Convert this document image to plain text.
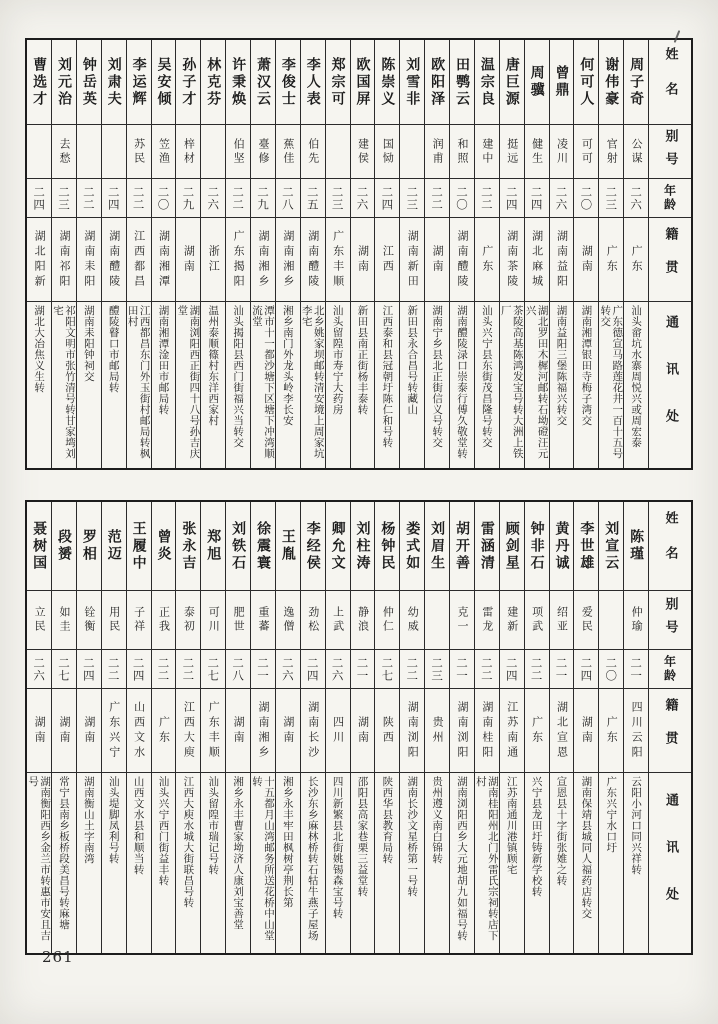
姓名
别号
年龄
籍贯
通讯处
周子奇
公谋
二六
广东
汕头畲坑水寨周悦兴或周宏泰
谢伟豪
官射
二三
广东
广东德宣马路莲花井一百十五号转交
何可人
可可
二〇
湖南
湖南湘潭银田寺梅子湾交
曾鼎
凌川
二六
湖南益阳
湖南益阳三堡陈福兴转交
周骥
健生
二四
湖北麻城
湖北罗田木樨河邮转石坳磴汪元兴
唐巨源
挺远
二四
湖南茶陵
茶陵高基陈鸿发宝号转大洲上铁厂
温宗良
建中
二二
广东
汕头兴宁县东街茂昌隆号转交
田鹗云
和照
二〇
湖南醴陵
湖南醴陵渌口崇泰行傅久敬堂转
欧阳泽
润甫
二二
湖南
湖南宁乡县北正街信义号转交
刘雪非
二三
湖南新田
新田县永合昌号转藏山
陈崇义
国恸
二四
江西
江西泰和县冠朝圩陈仁和号转
欧国屏
建侯
二六
湖南
新田县南正街杨丰泰转
郑宗可
二三
广东丰顺
汕头留隍市寿宁大药房
李人表
伯先
二五
湖南醴陵
北乡姚家坝邮转清安境上周家坑李宅
李俊士
蕉佳
二八
湖南湘乡
湘乡南门外龙头岭李长安
萧汉云
臺修
二九
湖南湘乡
潭市十一都沙塘下区塘下冲湾顺流堂
许秉焕
伯坚
二二
广东揭阳
汕头揭阳县西门街福兴当转交
林克芬
二六
浙江
温州泰顺篠村东洋西家村
孙子才
梓材
二九
湖南
湖南浏阳西正街四十八号孙吉庆堂
吴安倾
笠渔
二〇
湖南湘潭
湖南湘潭淦田市邮局转
李运辉
苏民
二二
江西都昌
江西都昌东门外玉街村邮局转枫田村
刘肃夫
二四
湖南醴陵
醴陵瞽口市邮局转
钟岳英
二二
湖南耒阳
湖南耒阳钟祠交
刘元治
去愁
二三
湖南祁阳
祁阳文明市张竹清号转甘家塆刘宅
曹选才
二四
湖北阳新
湖北大冶焦义生转
姓名
别号
年龄
籍贯
通讯处
陈瑾
仲瑜
二一
四川云阳
云阳小河口同兴祥转
刘宣云
二〇
广东
广东兴宁水口圩
李世雄
爱民
二四
湖南
湖南保靖县城同人福药店转交
黄丹诚
绍亚
二一
湖北宣恩
宣恩县十字街张婎之转
钟非石
项武
二二
广东
兴宁县龙田圩铸新学校转
顾剑星
建新
二四
江苏南通
江苏南通川港镇顾宅
雷涵清
雷龙
二二
湖南桂阳
湖南桂阳州北门外雷氏宗祠转店下村
胡开善
克一
二一
湖南浏阳
湖南浏阳西乡大元地胡九如福号转
刘眉生
二三
贵州
贵州遵义南白锦转
娄式如
幼威
二二
湖南浏阳
湖南长沙文星桥第一号转
杨钟民
仲仁
二七
陕西
陕西华县教育局转
刘柱涛
静浪
二一
湖南
邵阳县高家巷栗三益堂转
卿允文
上武
二六
四川
四川新繁县北街姚锡森宝号转
李经侯
劲松
二四
湖南长沙
长沙东乡麻林桥转石牯牛燕子屋场
王胤
逸僧
二六
湖南
湘乡永丰牢田枫树亭荆长第
徐震寰
重蕃
二一
湖南湘乡
十五都月山湾邮务所送花桥中山堂转
刘铁石
肥世
二八
湖南
湘乡永丰曹家坳济人康刘宝善堂
郑旭
可川
二七
广东丰顺
汕头留隍市瑞记号转
张永吉
泰初
二二
江西大庾
江西大庾水城大街联昌号转
曾炎
正我
二二
广东
汕头兴宁西门街益丰转
王履中
子祥
二四
山西文水
山西文水县和顺当转
范迈
用民
二二
广东兴宁
汕头堤脚凤利号转
罗相
铨衡
二四
湖南
湖南衡山土字南湾
段赟
如圭
二七
湖南
常宁县南乡板桥段美昌号转麻塘
聂树国
立民
二六
湖南
湖南衡阳西乡金兰市转惠市安且吉号
261
